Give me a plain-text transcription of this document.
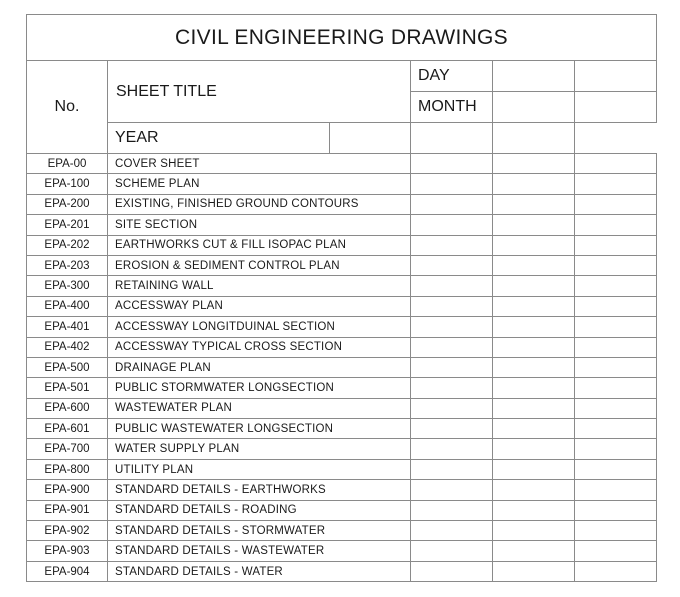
CIVIL ENGINEERING DRAWINGS						
No.	SHEET TITLE		DAY			
			MONTH			
	YEAR					
EPA-00	COVER SHEET					
EPA-100	SCHEME PLAN					
EPA-200	EXISTING, FINISHED GROUND CONTOURS					
EPA-201	SITE SECTION					
EPA-202	EARTHWORKS CUT & FILL ISOPAC PLAN					
EPA-203	EROSION & SEDIMENT CONTROL PLAN					
EPA-300	RETAINING WALL					
EPA-400	ACCESSWAY PLAN					
EPA-401	ACCESSWAY LONGITDUINAL SECTION					
EPA-402	ACCESSWAY TYPICAL CROSS SECTION					
EPA-500	DRAINAGE PLAN					
EPA-501	PUBLIC STORMWATER LONGSECTION					
EPA-600	WASTEWATER PLAN					
EPA-601	PUBLIC WASTEWATER LONGSECTION					
EPA-700	WATER SUPPLY PLAN					
EPA-800	UTILITY PLAN					
EPA-900	STANDARD DETAILS - EARTHWORKS					
EPA-901	STANDARD DETAILS - ROADING					
EPA-902	STANDARD DETAILS - STORMWATER					
EPA-903	STANDARD DETAILS - WASTEWATER					
EPA-904	STANDARD DETAILS - WATER					
